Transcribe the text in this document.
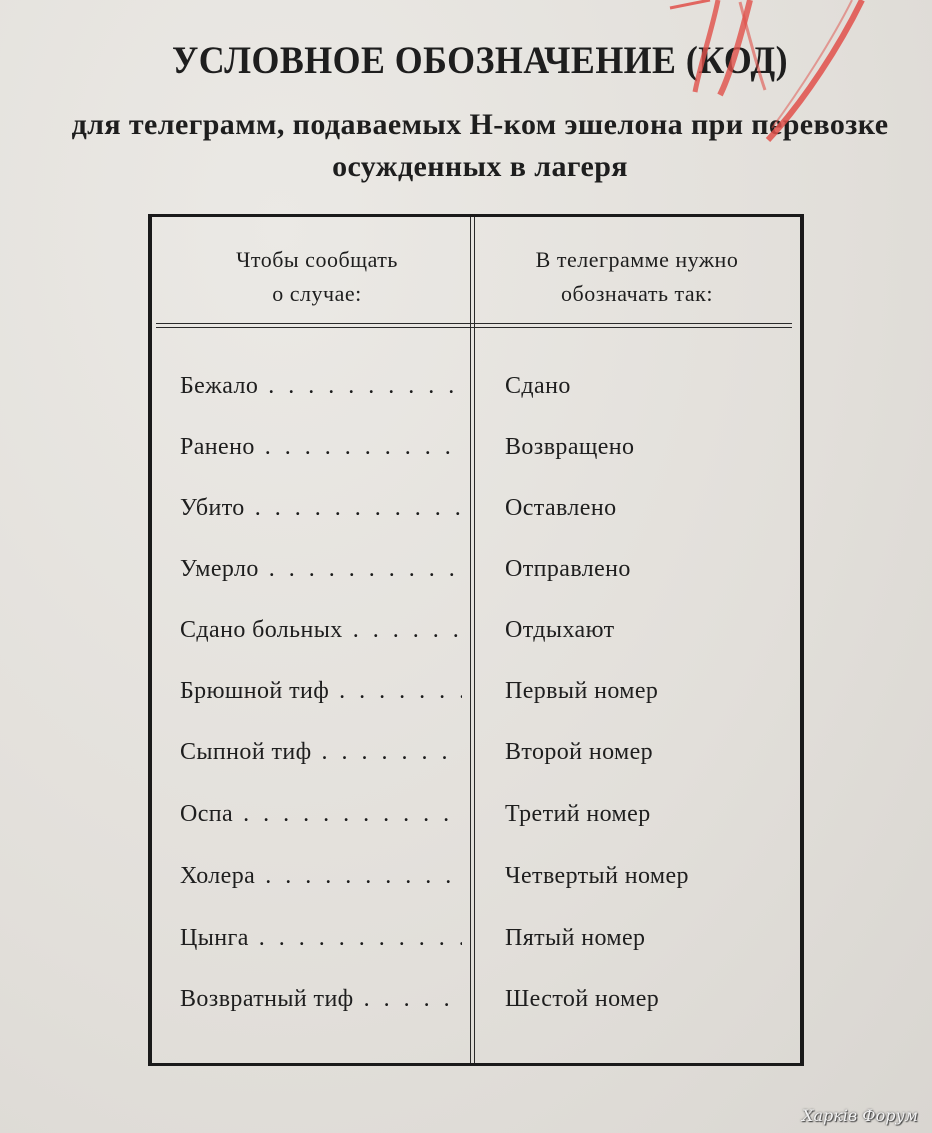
УСЛОВНОЕ ОБОЗНАЧЕНИЕ (КОД)
для телеграмм, подаваемых Н-ком эшелона при перевозке
осужденных в лагеря
Чтобы сообщать
о случае:
В телеграмме нужно
обозначать так:
Бежало . . .	Сдано
Ранено . . .	Возвращено
Убито . . .	Оставлено
Умерло . . .	Отправлено
Сдано больных . . .	Отдыхают
Брюшной тиф . . .	Первый номер
Сыпной тиф . . .	Второй номер
Оспа . . .	Третий номер
Холера . . .	Четвертый номер
Цынга . . .	Пятый номер
Возвратный тиф . . .	Шестой номер
Харків Форум
